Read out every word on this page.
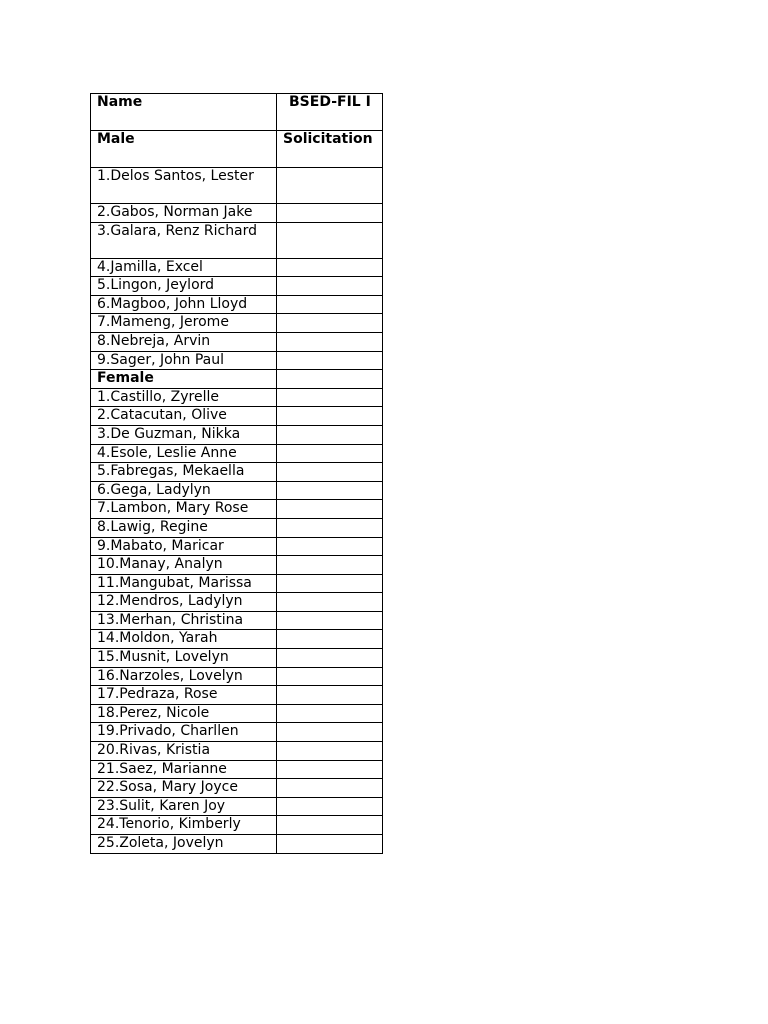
Name	BSED-FIL I

Male	Solicitation
1.Delos Santos, Lester	
2.Gabos, Norman Jake	
3.Galara, Renz Richard	
4.Jamilla, Excel	
5.Lingon, Jeylord	
6.Magboo, John Lloyd	
7.Mameng, Jerome	
8.Nebreja, Arvin	
9.Sager, John Paul	
Female	
1.Castillo, Zyrelle	
2.Catacutan, Olive	
3.De Guzman, Nikka	
4.Esole, Leslie Anne	
5.Fabregas, Mekaella	
6.Gega, Ladylyn	
7.Lambon, Mary Rose	
8.Lawig, Regine	
9.Mabato, Maricar	
10.Manay, Analyn	
11.Mangubat, Marissa	
12.Mendros, Ladylyn	
13.Merhan, Christina	
14.Moldon, Yarah	
15.Musnit, Lovelyn	
16.Narzoles, Lovelyn	
17.Pedraza, Rose	
18.Perez, Nicole	
19.Privado, Charllen	
20.Rivas, Kristia	
21.Saez, Marianne	
22.Sosa, Mary Joyce	
23.Sulit, Karen Joy	
24.Tenorio, Kimberly	
25.Zoleta, Jovelyn	
